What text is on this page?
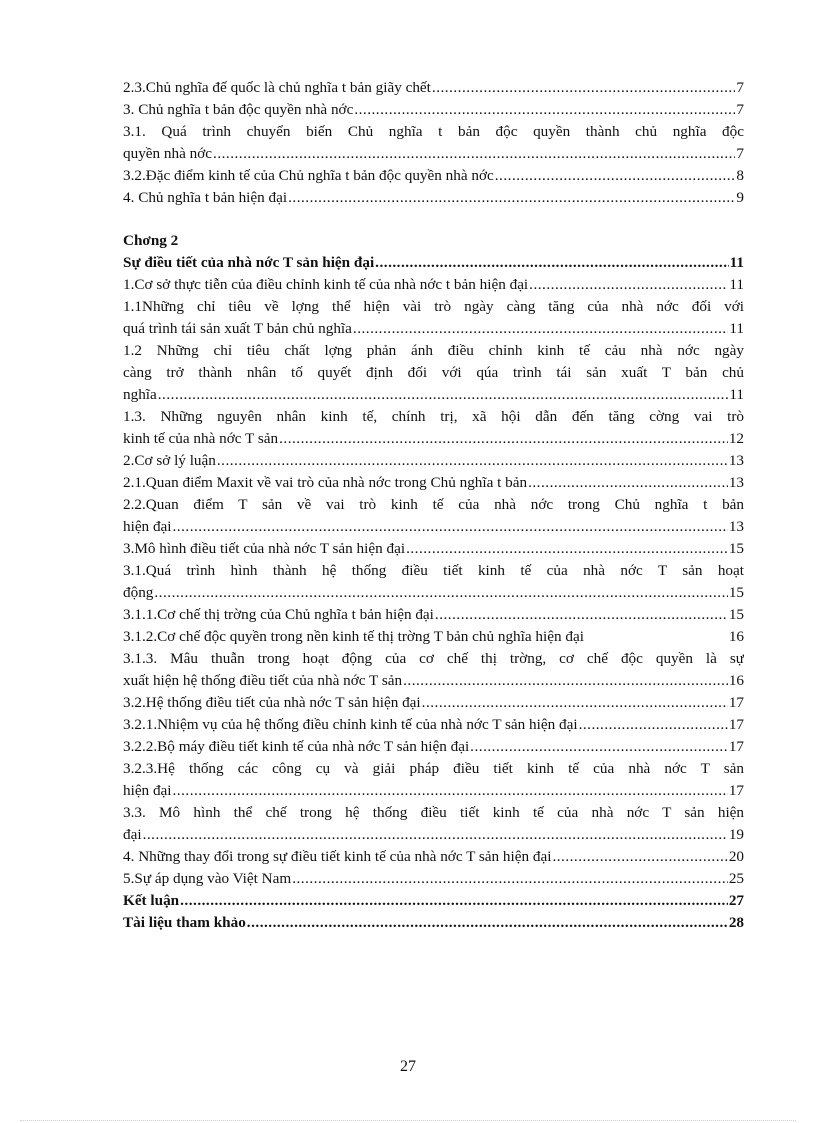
2.3.Chủ nghĩa đế quốc là chủ nghĩa t bản giãy chết .....	7
3. Chủ nghĩa t bản độc quyền nhà nớc .....	7
3.1. Quá trình chuyển biến Chủ nghĩa t bản độc quyền thành chủ nghĩa độc
quyền nhà nớc .....	7
3.2.Đặc điểm kinh tế của Chủ nghĩa t bản độc quyền nhà nớc .....	8
4. Chủ nghĩa t bản hiện đại .....	9
Chơng 2
Sự điều tiết của nhà nớc T sản hiện đại .....	11
1.Cơ sở thực tiễn của điều chỉnh kinh tế của nhà nớc t bản hiện đại .....	11
1.1Những chỉ tiêu về lợng thể hiện vài trò ngày càng tăng của nhà nớc đối với
quá trình tái sản xuất T bản chủ nghĩa .....	11
1.2 Những chỉ tiêu chất lợng phản ánh điều chỉnh kinh tế cảu nhà nớc ngày
càng trở thành nhân tố quyết định đối với qúa trình tái sản xuất T bản chủ
nghĩa .....	11
1.3. Những nguyên nhân kinh tế, chính trị, xã hội dẫn đến tăng cờng vai trò
kinh tế của nhà nớc T sản .....	12
2.Cơ sở lý luận .....	13
2.1.Quan điểm Maxit về vai trò của nhà nớc trong Chủ nghĩa t bản .....	13
2.2.Quan điểm T sản về vai trò kinh tế của nhà nớc trong Chủ nghĩa t bản
hiện đại .....	13
3.Mô hình điều tiết của nhà nớc T sản hiện đại .....	15
3.1.Quá trình hình thành hệ thống điều tiết kinh tế của nhà nớc T sản hoạt
động .....	15
3.1.1.Cơ chế thị trờng của Chủ nghĩa t bản hiện đại .....	15
3.1.2.Cơ chế độc quyền trong nền kinh tế thị trờng T bản chủ nghĩa hiện đại	16
3.1.3. Mâu thuẫn trong hoạt động của cơ chế thị trờng, cơ chế độc quyền là sự
xuất hiện hệ thống điều tiết của nhà nớc T sản .....	16
3.2.Hệ thống điều tiết của nhà nớc T sản hiện đại .....	17
3.2.1.Nhiệm vụ của hệ thống điều chỉnh kinh tế của nhà nớc T sản hiện đại .....	17
3.2.2.Bộ máy điều tiết kinh tế của nhà nớc T sản hiện đại .....	17
3.2.3.Hệ thống các công cụ và giải pháp điều tiết kinh tế của nhà nớc T sản
hiện đại .....	17
3.3. Mô hình thể chế trong hệ thống điều tiết kinh tế của nhà nớc T sản hiện
đại .....	19
4. Những thay đổi trong sự điều tiết kinh tế của nhà nớc T sản hiện đại .....	20
5.Sự áp dụng vào Việt Nam .....	25
Kết luận .....	27
Tài liệu tham khảo .....	28
27
